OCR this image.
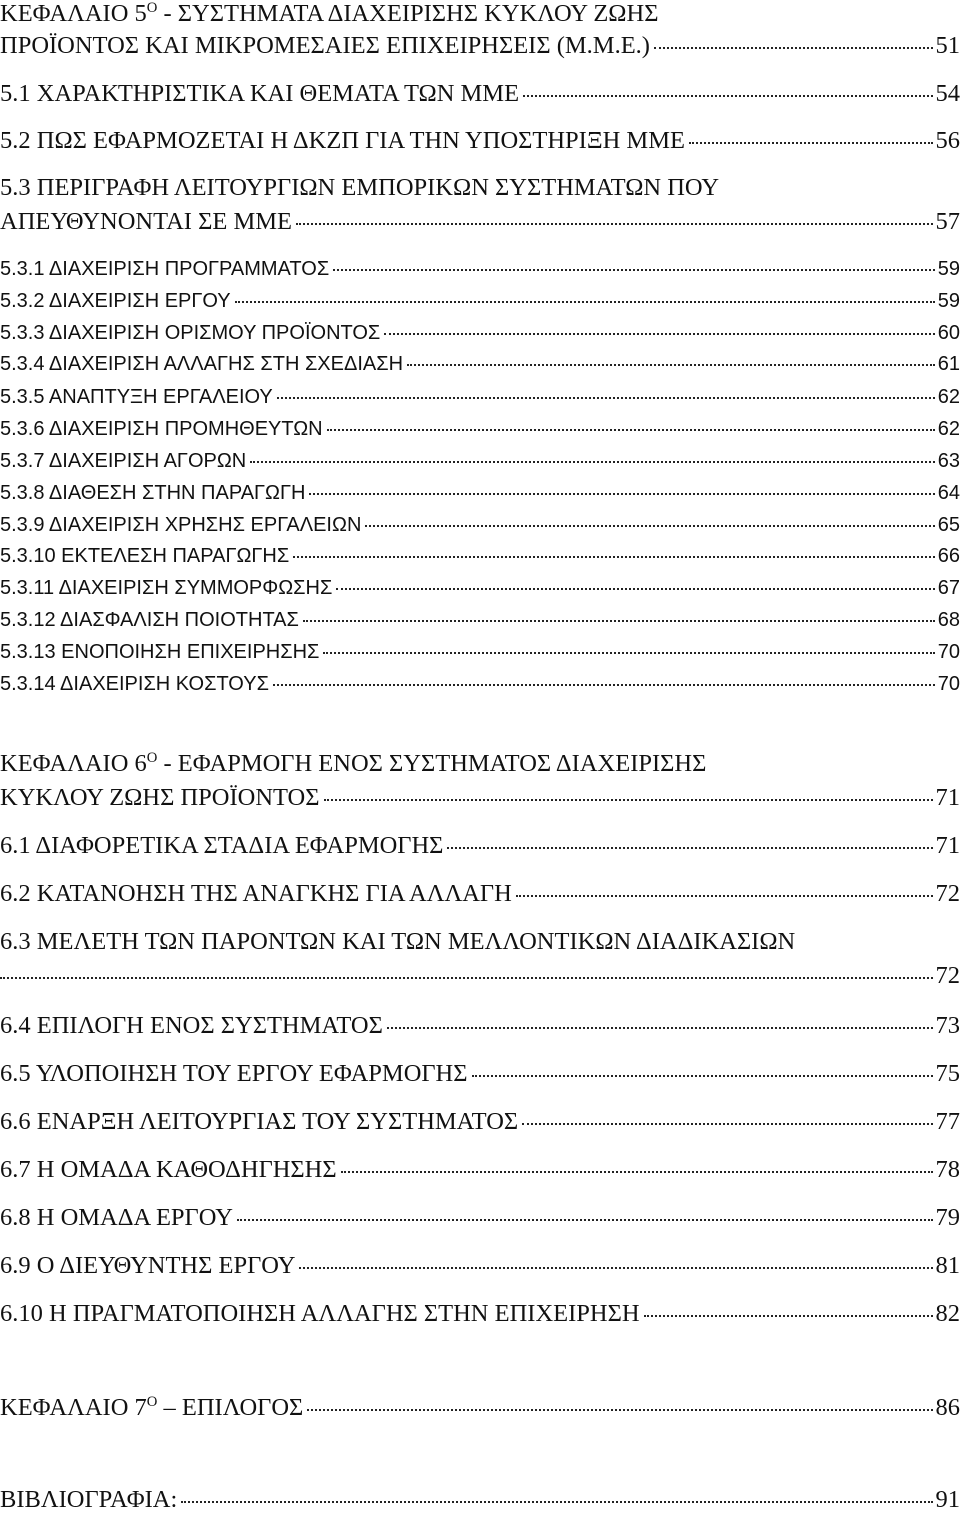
ΚΕΦΑΛΑΙΟ $5^O$ - ΣΥΣΤΗΜΑΤΑ ΔΙΑΧΕΙΡΙΣΗΣ ΚΥΚΛΟΥ ΖΩΗΣ
ΠΡΟΪΟΝΤΟΣ ΚΑΙ ΜΙΚΡΟΜΕΣΑΙΕΣ ΕΠΙΧΕΙΡΗΣΕΙΣ (Μ.Μ.Ε.)	51
5.1 ΧΑΡΑΚΤΗΡΙΣΤΙΚΑ ΚΑΙ ΘΕΜΑΤΑ ΤΩΝ ΜΜΕ	54
5.2 ΠΩΣ ΕΦΑΡΜΟΖΕΤΑΙ Η ΔΚΖΠ ΓΙΑ ΤΗΝ ΥΠΟΣΤΗΡΙΞΗ ΜΜΕ	56
5.3 ΠΕΡΙΓΡΑΦΗ ΛΕΙΤΟΥΡΓΙΩΝ ΕΜΠΟΡΙΚΩΝ ΣΥΣΤΗΜΑΤΩΝ ΠΟΥ
ΑΠΕΥΘΥΝΟΝΤΑΙ ΣΕ ΜΜΕ	57
5.3.1 ΔΙΑΧΕΙΡΙΣΗ ΠΡΟΓΡΑΜΜΑΤΟΣ	59
5.3.2 ΔΙΑΧΕΙΡΙΣΗ ΕΡΓΟΥ	59
5.3.3 ΔΙΑΧΕΙΡΙΣΗ ΟΡΙΣΜΟΥ ΠΡΟΪΟΝΤΟΣ	60
5.3.4 ΔΙΑΧΕΙΡΙΣΗ ΑΛΛΑΓΗΣ ΣΤΗ ΣΧΕΔΙΑΣΗ	61
5.3.5 ΑΝΑΠΤΥΞΗ ΕΡΓΑΛΕΙΟΥ	62
5.3.6 ΔΙΑΧΕΙΡΙΣΗ ΠΡΟΜΗΘΕΥΤΩΝ	62
5.3.7 ΔΙΑΧΕΙΡΙΣΗ ΑΓΟΡΩΝ	63
5.3.8 ΔΙΑΘΕΣΗ ΣΤΗΝ ΠΑΡΑΓΩΓΗ	64
5.3.9 ΔΙΑΧΕΙΡΙΣΗ ΧΡΗΣΗΣ ΕΡΓΑΛΕΙΩΝ	65
5.3.10 ΕΚΤΕΛΕΣΗ ΠΑΡΑΓΩΓΗΣ	66
5.3.11 ΔΙΑΧΕΙΡΙΣΗ ΣΥΜΜΟΡΦΩΣΗΣ	67
5.3.12 ΔΙΑΣΦΑΛΙΣΗ ΠΟΙΟΤΗΤΑΣ	68
5.3.13 ΕΝΟΠΟΙΗΣΗ ΕΠΙΧΕΙΡΗΣΗΣ	70
5.3.14 ΔΙΑΧΕΙΡΙΣΗ ΚΟΣΤΟΥΣ	70
ΚΕΦΑΛΑΙΟ $6^O$ - ΕΦΑΡΜΟΓΗ ΕΝΟΣ ΣΥΣΤΗΜΑΤΟΣ ΔΙΑΧΕΙΡΙΣΗΣ
ΚΥΚΛΟΥ ΖΩΗΣ ΠΡΟΪΟΝΤΟΣ	71
6.1 ΔΙΑΦΟΡΕΤΙΚΑ ΣΤΑΔΙΑ ΕΦΑΡΜΟΓΗΣ	71
6.2 ΚΑΤΑΝΟΗΣΗ ΤΗΣ ΑΝΑΓΚΗΣ ΓΙΑ ΑΛΛΑΓΗ	72
6.3 ΜΕΛΕΤΗ ΤΩΝ ΠΑΡΟΝΤΩΝ ΚΑΙ ΤΩΝ ΜΕΛΛΟΝΤΙΚΩΝ ΔΙΑΔΙΚΑΣΙΩΝ
72
6.4 ΕΠΙΛΟΓΗ ΕΝΟΣ ΣΥΣΤΗΜΑΤΟΣ	73
6.5 ΥΛΟΠΟΙΗΣΗ ΤΟΥ ΕΡΓΟΥ ΕΦΑΡΜΟΓΗΣ	75
6.6 ΕΝΑΡΞΗ ΛΕΙΤΟΥΡΓΙΑΣ ΤΟΥ ΣΥΣΤΗΜΑΤΟΣ	77
6.7 Η ΟΜΑΔΑ ΚΑΘΟΔΗΓΗΣΗΣ	78
6.8 Η ΟΜΑΔΑ ΕΡΓΟΥ	79
6.9 Ο ΔΙΕΥΘΥΝΤΗΣ ΕΡΓΟΥ	81
6.10 Η ΠΡΑΓΜΑΤΟΠΟΙΗΣΗ ΑΛΛΑΓΗΣ ΣΤΗΝ ΕΠΙΧΕΙΡΗΣΗ	82
ΚΕΦΑΛΑΙΟ $7^O$ – ΕΠΙΛΟΓΟΣ	86
ΒΙΒΛΙΟΓΡΑΦΙΑ:	91
